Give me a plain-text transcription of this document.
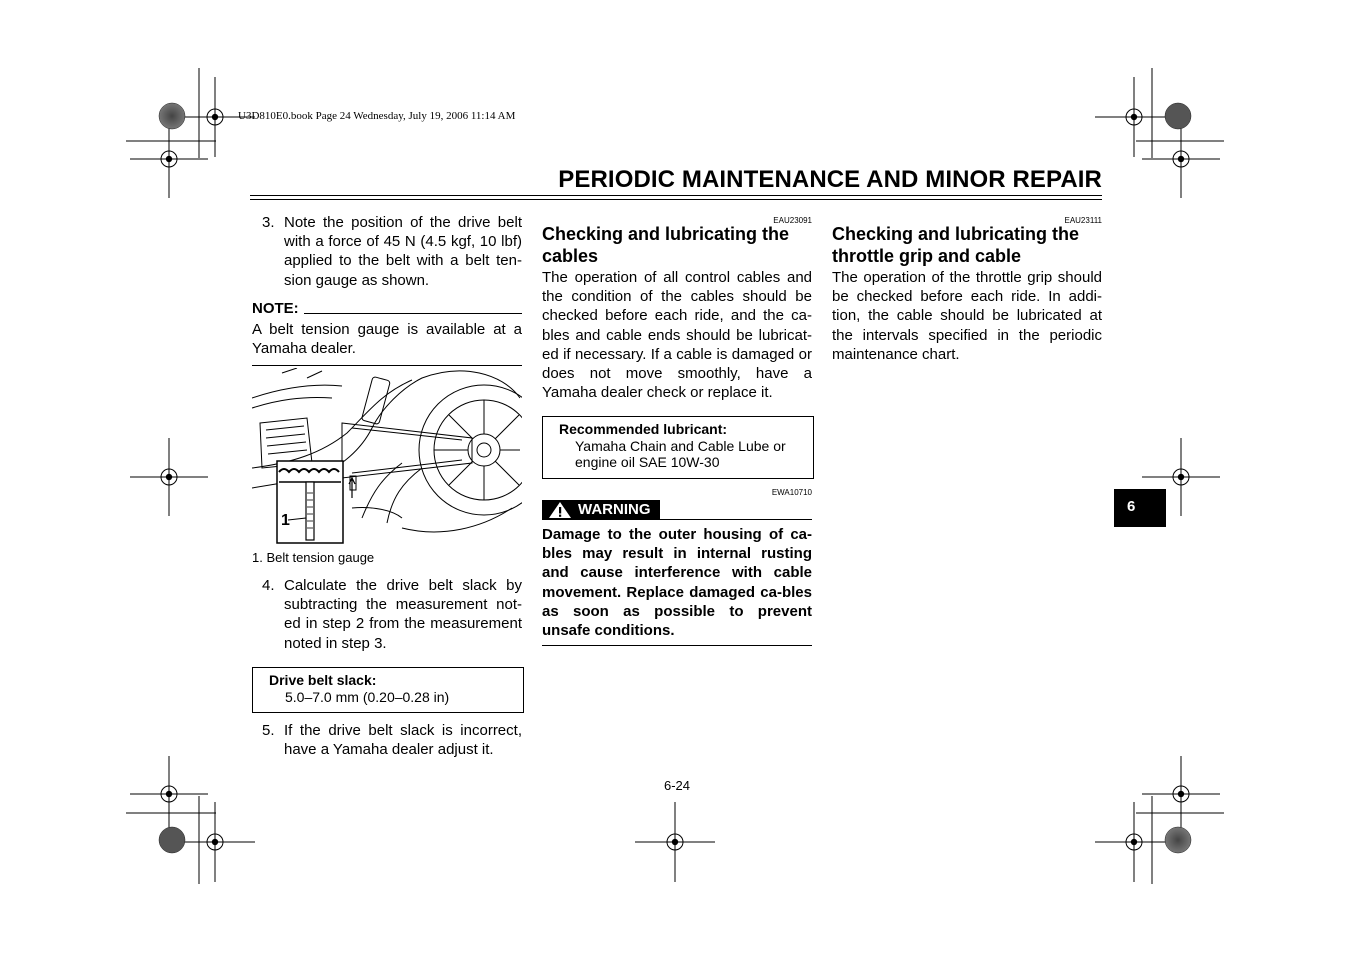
U3D810E0.book Page 24 Wednesday, July 19, 2006 11:14 AM
PERIODIC MAINTENANCE AND MINOR REPAIR
3. Note the position of the drive belt with a force of 45 N (4.5 kgf, 10 lbf) applied to the belt with a belt ten-sion gauge as shown.
NOTE:
A belt tension gauge is available at a Yamaha dealer.
1
1. Belt tension gauge
4. Calculate the drive belt slack by subtracting the measurement not-ed in step 2 from the measurement noted in step 3.
Drive belt slack:
5.0–7.0 mm (0.20–0.28 in)
5. If the drive belt slack is incorrect, have a Yamaha dealer adjust it.
EAU23091
Checking and lubricating the cables
The operation of all control cables and the condition of the cables should be checked before each ride, and the ca-bles and cable ends should be lubricat-ed if necessary. If a cable is damaged or does not move smoothly, have a Yamaha dealer check or replace it.
Recommended lubricant:
Yamaha Chain and Cable Lube or
engine oil SAE 10W-30
EWA10710
WARNING
Damage to the outer housing of ca-bles may result in internal rusting and cause interference with cable movement. Replace damaged ca-bles as soon as possible to prevent unsafe conditions.
EAU23111
Checking and lubricating the throttle grip and cable
The operation of the throttle grip should be checked before each ride. In addi-tion, the cable should be lubricated at the intervals specified in the periodic maintenance chart.
6
6-24
